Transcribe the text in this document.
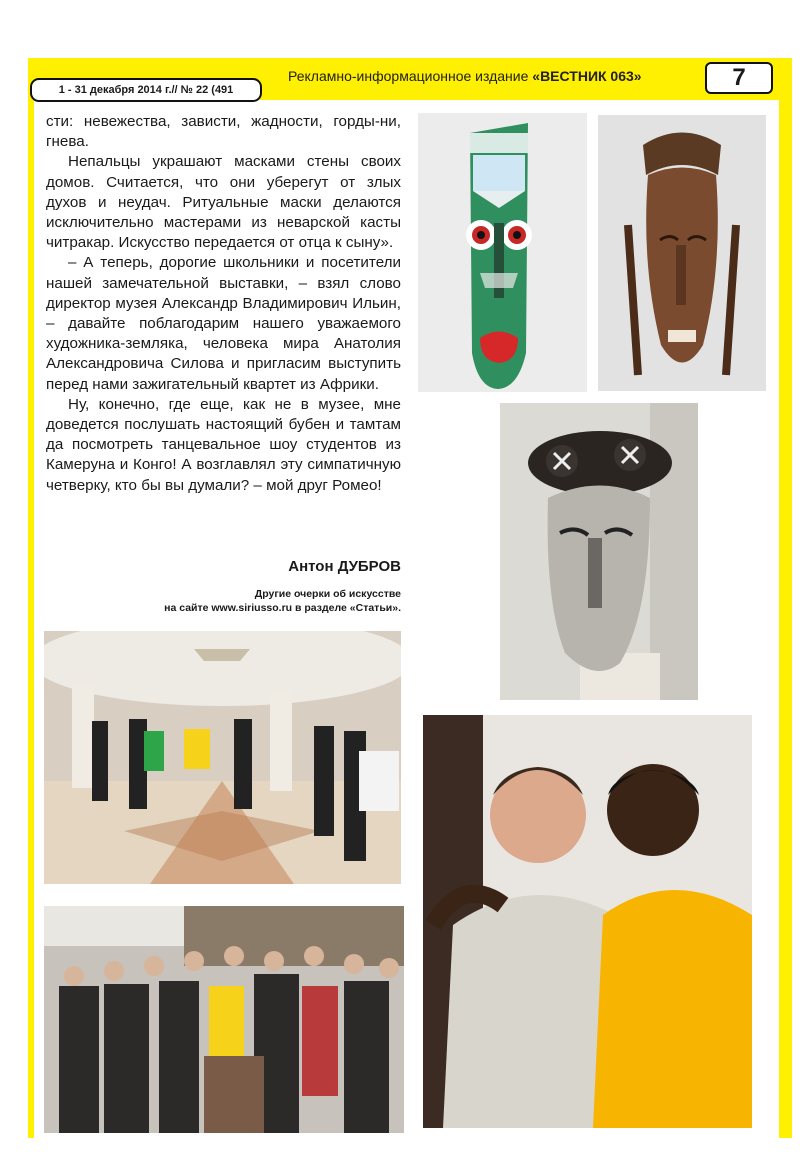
1 - 31 декабря 2014 г.// № 22 (491
Рекламно-информационное издание «ВЕСТНИК 063»	7

сти: невежества, зависти, жадности, горды-ни, гнева.

Непальцы украшают масками стены своих домов. Считается, что они уберегут от злых духов и неудач. Ритуальные маски делаются исключительно мастерами из неварской касты читракар. Искусство передается от отца к сыну».

– А теперь, дорогие школьники и посетители нашей замечательной выставки, – взял слово директор музея Александр Владимирович Ильин, – давайте поблагодарим нашего уважаемого художника-земляка, человека мира Анатолия Александровича Силова и пригласим выступить перед нами зажигательный квартет из Африки.

Ну, конечно, где еще, как не в музее, мне доведется послушать настоящий бубен и тамтам да посмотреть танцевальное шоу студентов из Камеруна и Конго! А возглавлял эту симпатичную четверку, кто бы вы думали? – мой друг Ромео!

Антон ДУБРОВ
Другие очерки об искусстве
на сайте www.siriusso.ru в разделе «Статьи».
